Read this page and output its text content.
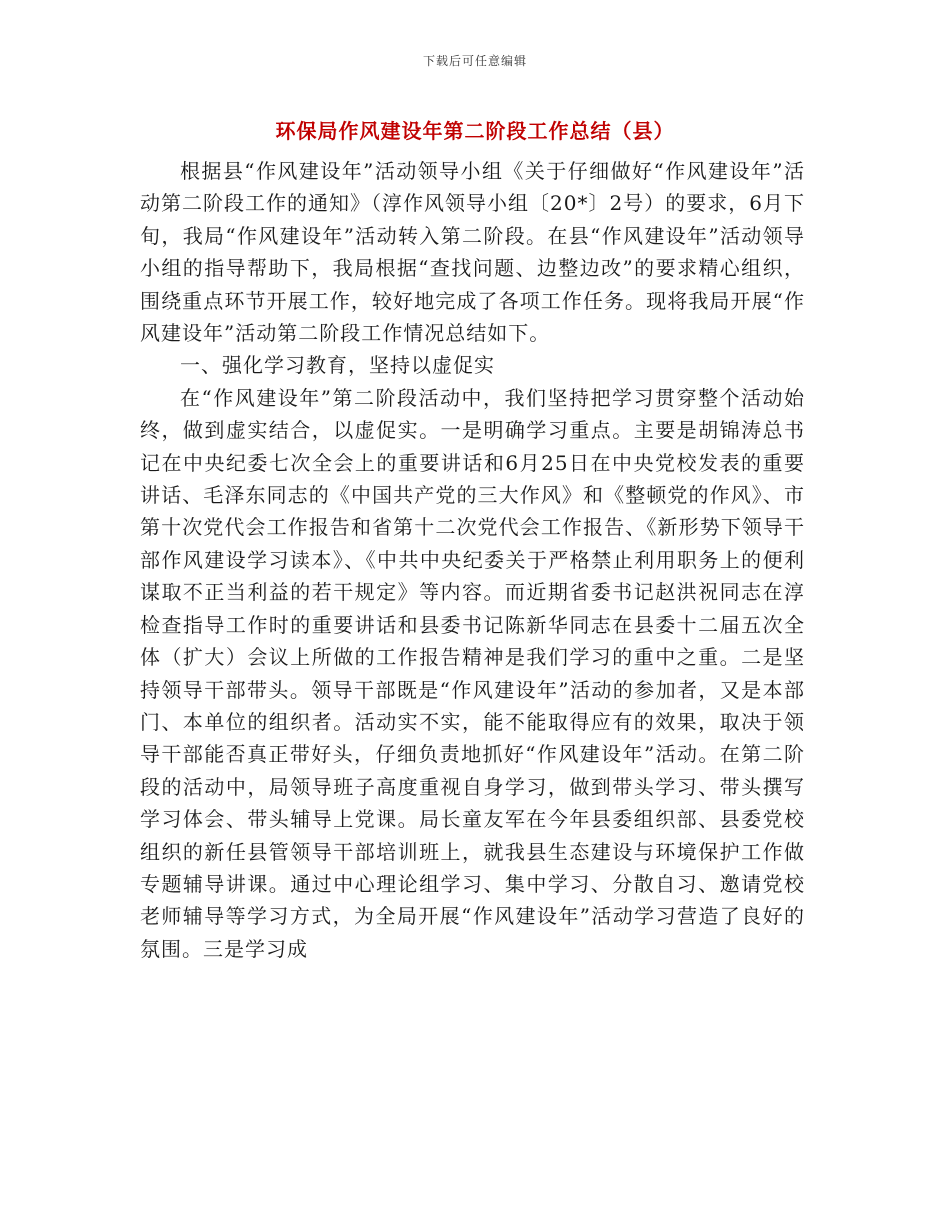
下载后可任意编辑
环保局作风建设年第二阶段工作总结（县）

根据县“作风建设年”活动领导小组《关于仔细做好“作风建设年”活动第二阶段工作的通知》（淳作风领导小组〔20*〕2号）的要求，6月下旬，我局“作风建设年”活动转入第二阶段。在县“作风建设年”活动领导小组的指导帮助下，我局根据“查找问题、边整边改”的要求精心组织，围绕重点环节开展工作，较好地完成了各项工作任务。现将我局开展“作风建设年”活动第二阶段工作情况总结如下。

一、强化学习教育，坚持以虚促实

在“作风建设年”第二阶段活动中，我们坚持把学习贯穿整个活动始终，做到虚实结合，以虚促实。一是明确学习重点。主要是胡锦涛总书记在中央纪委七次全会上的重要讲话和6月25日在中央党校发表的重要讲话、毛泽东同志的《中国共产党的三大作风》和《整顿党的作风》、市第十次党代会工作报告和省第十二次党代会工作报告、《新形势下领导干部作风建设学习读本》、《中共中央纪委关于严格禁止利用职务上的便利谋取不正当利益的若干规定》等内容。而近期省委书记赵洪祝同志在淳检查指导工作时的重要讲话和县委书记陈新华同志在县委十二届五次全体（扩大）会议上所做的工作报告精神是我们学习的重中之重。二是坚持领导干部带头。领导干部既是“作风建设年”活动的参加者，又是本部门、本单位的组织者。活动实不实，能不能取得应有的效果，取决于领导干部能否真正带好头，仔细负责地抓好“作风建设年”活动。在第二阶段的活动中，局领导班子高度重视自身学习，做到带头学习、带头撰写学习体会、带头辅导上党课。局长童友军在今年县委组织部、县委党校组织的新任县管领导干部培训班上，就我县生态建设与环境保护工作做专题辅导讲课。通过中心理论组学习、集中学习、分散自习、邀请党校老师辅导等学习方式，为全局开展“作风建设年”活动学习营造了良好的氛围。三是学习成
